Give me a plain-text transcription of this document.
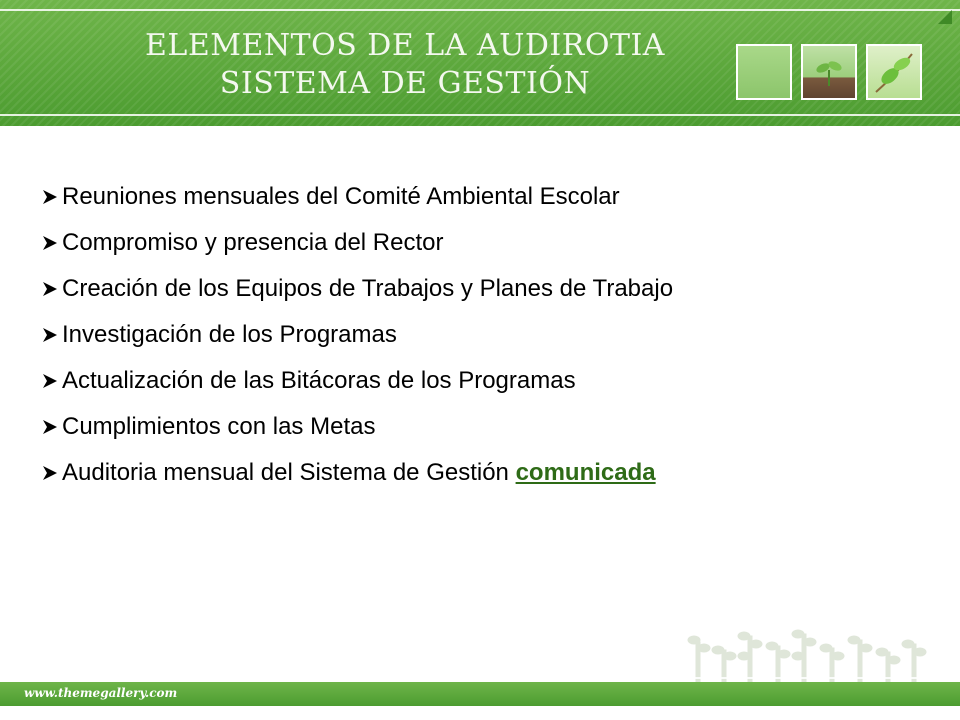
ELEMENTOS DE LA AUDIROTIA
SISTEMA DE GESTIÓN
Reuniones mensuales del Comité Ambiental Escolar
Compromiso y presencia del Rector
Creación de los Equipos de Trabajos y Planes de Trabajo
Investigación de los Programas
Actualización de las Bitácoras de los Programas
Cumplimientos con las Metas
Auditoria mensual del Sistema de Gestión comunicada
www.themegallery.com
